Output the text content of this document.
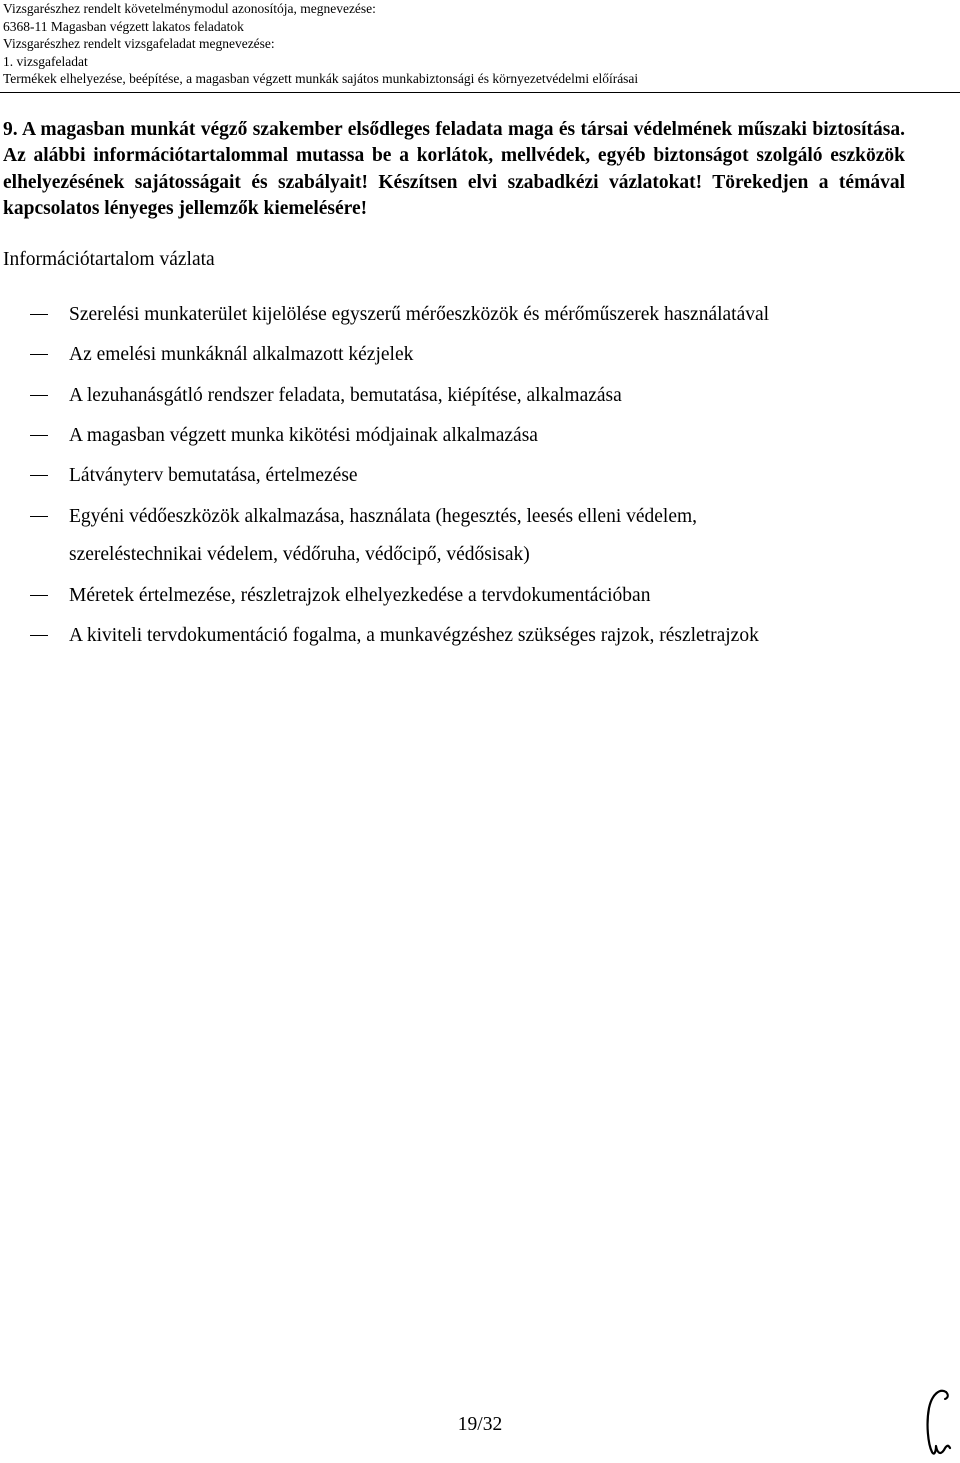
Vizsgarészhez rendelt követelménymodul azonosítója, megnevezése:
6368-11 Magasban végzett lakatos feladatok
Vizsgarészhez rendelt vizsgafeladat megnevezése:
1. vizsgafeladat
Termékek elhelyezése, beépítése, a magasban végzett munkák sajátos munkabiztonsági és környezetvédelmi előírásai
9. A magasban munkát végző szakember elsődleges feladata maga és társai védelmének műszaki biztosítása. Az alábbi információtartalommal mutassa be a korlátok, mellvédek, egyéb biztonságot szolgáló eszközök elhelyezésének sajátosságait és szabályait! Készítsen elvi szabadkézi vázlatokat! Törekedjen a témával kapcsolatos lényeges jellemzők kiemelésére!
Információtartalom vázlata
Szerelési munkaterület kijelölése egyszerű mérőeszközök és mérőműszerek használatával
Az emelési munkáknál alkalmazott kézjelek
A lezuhanásgátló rendszer feladata, bemutatása, kiépítése, alkalmazása
A magasban végzett munka kikötési módjainak alkalmazása
Látványterv bemutatása, értelmezése
Egyéni védőeszközök alkalmazása, használata (hegesztés, leesés elleni védelem,
szereléstechnikai védelem, védőruha, védőcipő, védősisak)
Méretek értelmezése, részletrajzok elhelyezkedése a tervdokumentációban
A kiviteli tervdokumentáció fogalma, a munkavégzéshez szükséges rajzok, részletrajzok
19/32
